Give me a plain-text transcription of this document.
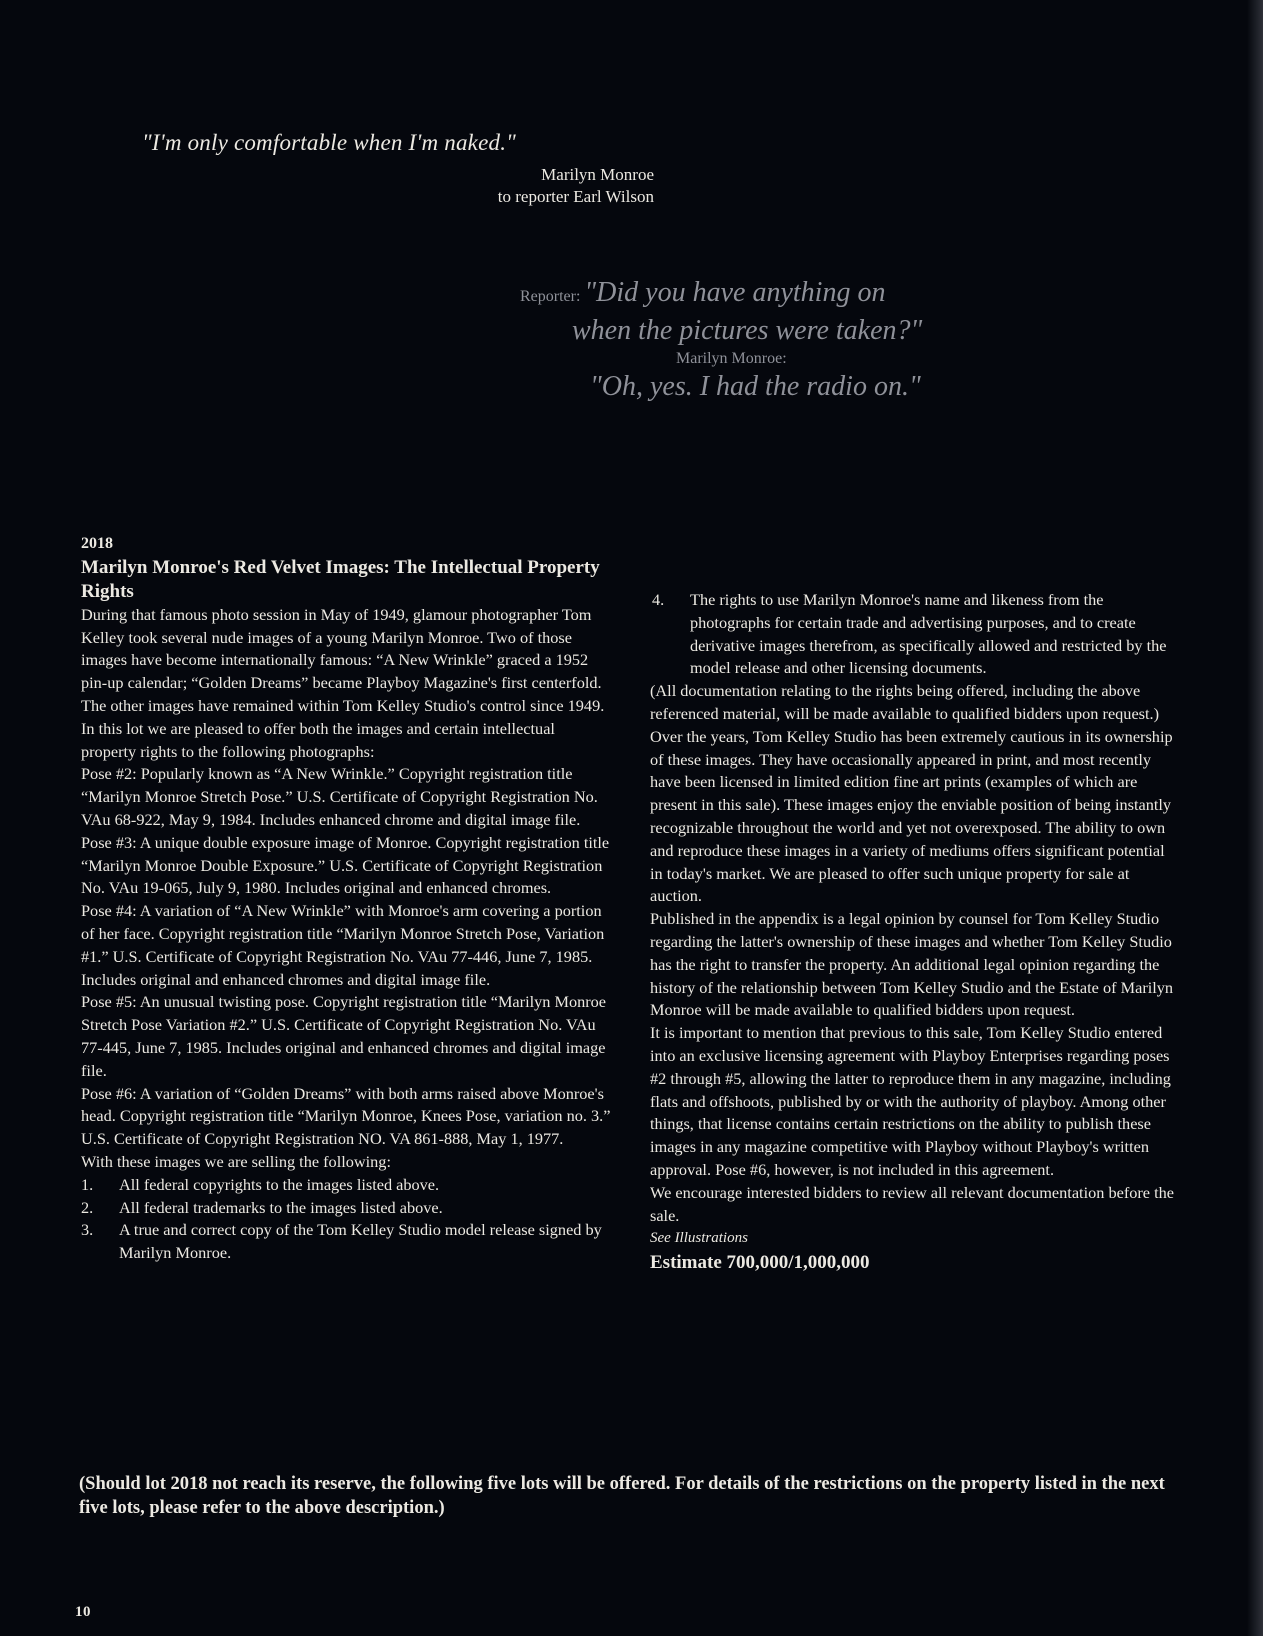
"I'm only comfortable when I'm naked."
Marilyn Monroe
to reporter Earl Wilson
Reporter: "Did you have anything on
when the pictures were taken?"
Marilyn Monroe:
"Oh, yes. I had the radio on."
2018
Marilyn Monroe's Red Velvet Images: The Intellectual Property Rights

During that famous photo session in May of 1949, glamour photographer Tom Kelley took several nude images of a young Marilyn Monroe. Two of those images have become internationally famous: “A New Wrinkle” graced a 1952 pin-up calendar; “Golden Dreams” became Playboy Magazine's first centerfold. The other images have remained within Tom Kelley Studio's control since 1949. In this lot we are pleased to offer both the images and certain intellectual property rights to the following photographs:

Pose #2: Popularly known as “A New Wrinkle.” Copyright registration title “Marilyn Monroe Stretch Pose.” U.S. Certificate of Copyright Registration No. VAu 68-922, May 9, 1984. Includes enhanced chrome and digital image file.

Pose #3: A unique double exposure image of Monroe. Copyright registration title “Marilyn Monroe Double Exposure.” U.S. Certificate of Copyright Registration No. VAu 19-065, July 9, 1980. Includes original and enhanced chromes.

Pose #4: A variation of “A New Wrinkle” with Monroe's arm covering a portion of her face. Copyright registration title “Marilyn Monroe Stretch Pose, Variation #1.” U.S. Certificate of Copyright Registration No. VAu 77-446, June 7, 1985. Includes original and enhanced chromes and digital image file.

Pose #5: An unusual twisting pose. Copyright registration title “Marilyn Monroe Stretch Pose Variation #2.” U.S. Certificate of Copyright Registration No. VAu 77-445, June 7, 1985. Includes original and enhanced chromes and digital image file.

Pose #6: A variation of “Golden Dreams” with both arms raised above Monroe's head. Copyright registration title “Marilyn Monroe, Knees Pose, variation no. 3.” U.S. Certificate of Copyright Registration NO. VA 861-888, May 1, 1977.

With these images we are selling the following:

1.	All federal copyrights to the images listed above.
2.	All federal trademarks to the images listed above.
3.	A true and correct copy of the Tom Kelley Studio model release signed by Marilyn Monroe.
4.	The rights to use Marilyn Monroe's name and likeness from the photographs for certain trade and advertising purposes, and to create derivative images therefrom, as specifically allowed and restricted by the model release and other licensing documents.

(All documentation relating to the rights being offered, including the above referenced material, will be made available to qualified bidders upon request.)

Over the years, Tom Kelley Studio has been extremely cautious in its ownership of these images. They have occasionally appeared in print, and most recently have been licensed in limited edition fine art prints (examples of which are present in this sale). These images enjoy the enviable position of being instantly recognizable throughout the world and yet not overexposed. The ability to own and reproduce these images in a variety of mediums offers significant potential in today's market. We are pleased to offer such unique property for sale at auction.

Published in the appendix is a legal opinion by counsel for Tom Kelley Studio regarding the latter's ownership of these images and whether Tom Kelley Studio has the right to transfer the property. An additional legal opinion regarding the history of the relationship between Tom Kelley Studio and the Estate of Marilyn Monroe will be made available to qualified bidders upon request.

It is important to mention that previous to this sale, Tom Kelley Studio entered into an exclusive licensing agreement with Playboy Enterprises regarding poses #2 through #5, allowing the latter to reproduce them in any magazine, including flats and offshoots, published by or with the authority of playboy. Among other things, that license contains certain restrictions on the ability to publish these images in any magazine competitive with Playboy without Playboy's written approval. Pose #6, however, is not included in this agreement.

We encourage interested bidders to review all relevant documentation before the sale.

See Illustrations
Estimate 700,000/1,000,000
(Should lot 2018 not reach its reserve, the following five lots will be offered. For details of the restrictions on the property listed in the next five lots, please refer to the above description.)
10
